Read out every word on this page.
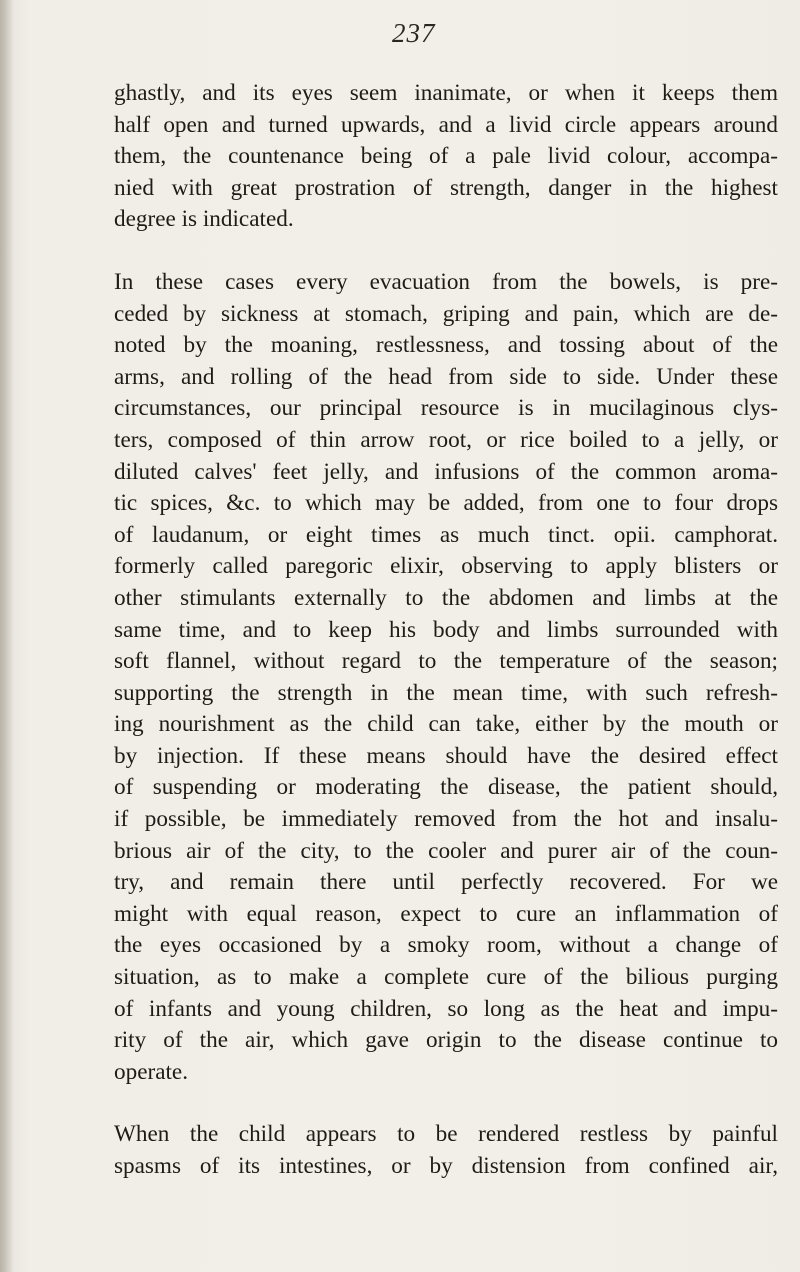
237
ghastly, and its eyes seem inanimate, or when it keeps them
half open and turned upwards, and a livid circle appears around
them, the countenance being of a pale livid colour, accompa-
nied with great prostration of strength, danger in the highest
degree is indicated.
In these cases every evacuation from the bowels, is pre-
ceded by sickness at stomach, griping and pain, which are de-
noted by the moaning, restlessness, and tossing about of the
arms, and rolling of the head from side to side. Under these
circumstances, our principal resource is in mucilaginous clys-
ters, composed of thin arrow root, or rice boiled to a jelly, or
diluted calves' feet jelly, and infusions of the common aroma-
tic spices, &c. to which may be added, from one to four drops
of laudanum, or eight times as much tinct. opii. camphorat.
formerly called paregoric elixir, observing to apply blisters or
other stimulants externally to the abdomen and limbs at the
same time, and to keep his body and limbs surrounded with
soft flannel, without regard to the temperature of the season;
supporting the strength in the mean time, with such refresh-
ing nourishment as the child can take, either by the mouth or
by injection. If these means should have the desired effect
of suspending or moderating the disease, the patient should,
if possible, be immediately removed from the hot and insalu-
brious air of the city, to the cooler and purer air of the coun-
try, and remain there until perfectly recovered. For we
might with equal reason, expect to cure an inflammation of
the eyes occasioned by a smoky room, without a change of
situation, as to make a complete cure of the bilious purging
of infants and young children, so long as the heat and impu-
rity of the air, which gave origin to the disease continue to
operate.
When the child appears to be rendered restless by painful
spasms of its intestines, or by distension from confined air,
